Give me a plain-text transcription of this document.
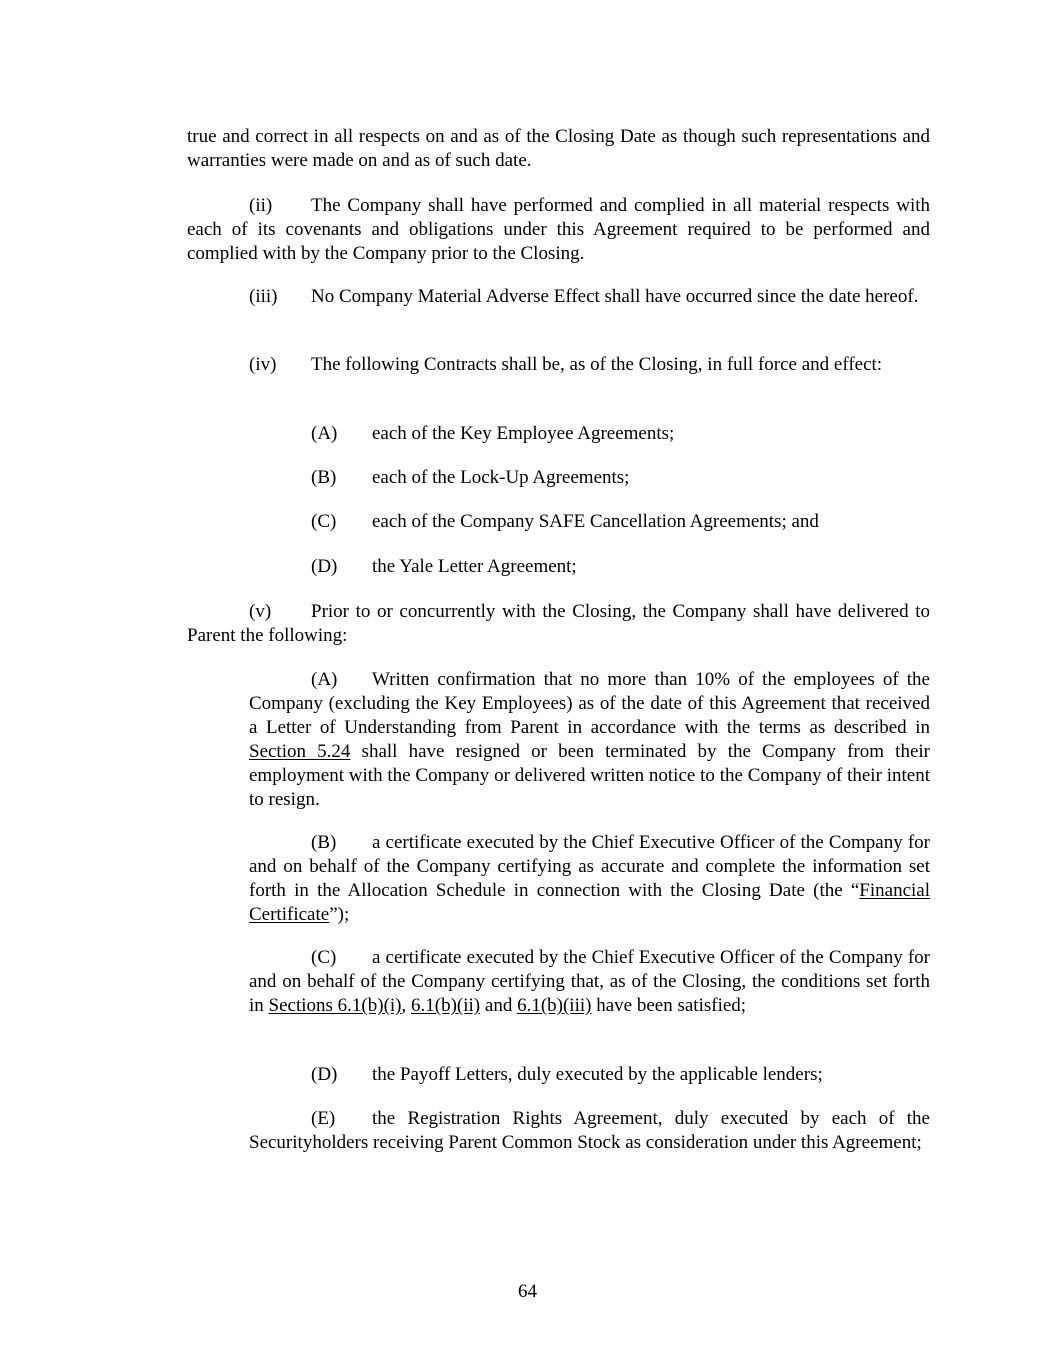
true and correct in all respects on and as of the Closing Date as though such representations and warranties were made on and as of such date.

(ii) The Company shall have performed and complied in all material respects with each of its covenants and obligations under this Agreement required to be performed and complied with by the Company prior to the Closing.

(iii) No Company Material Adverse Effect shall have occurred since the date hereof.

(iv) The following Contracts shall be, as of the Closing, in full force and effect:

(A) each of the Key Employee Agreements;
(B) each of the Lock-Up Agreements;
(C) each of the Company SAFE Cancellation Agreements; and
(D) the Yale Letter Agreement;

(v) Prior to or concurrently with the Closing, the Company shall have delivered to Parent the following:

(A) Written confirmation that no more than 10% of the employees of the Company (excluding the Key Employees) as of the date of this Agreement that received a Letter of Understanding from Parent in accordance with the terms as described in Section 5.24 shall have resigned or been terminated by the Company from their employment with the Company or delivered written notice to the Company of their intent to resign.

(B) a certificate executed by the Chief Executive Officer of the Company for and on behalf of the Company certifying as accurate and complete the information set forth in the Allocation Schedule in connection with the Closing Date (the “Financial Certificate”);

(C) a certificate executed by the Chief Executive Officer of the Company for and on behalf of the Company certifying that, as of the Closing, the conditions set forth in Sections 6.1(b)(i), 6.1(b)(ii) and 6.1(b)(iii) have been satisfied;

(D) the Payoff Letters, duly executed by the applicable lenders;

(E) the Registration Rights Agreement, duly executed by each of the Securityholders receiving Parent Common Stock as consideration under this Agreement;

64
